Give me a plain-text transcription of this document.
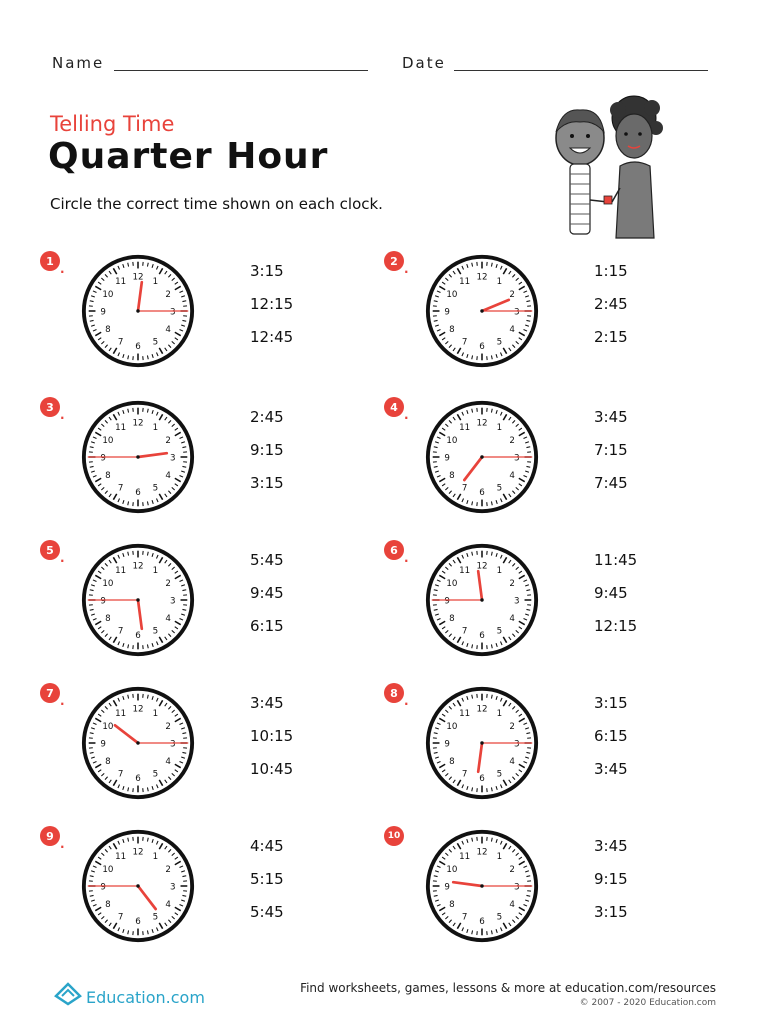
Name	Date
Telling Time
Quarter Hour
Circle the correct time shown on each clock.
1
.
1
2
3
4
5
6
7
8
9
10
11 12	3:15
12:15
12:45
2
.
1
2
3
4
5
6
7
8
9
10
11 12	1:15
2:45
2:15
3
.
1
2
3
4
5
6
7
8
9
10
11 12	2:45
9:15
3:15
4
.
1
2
3
4
5
6
7
8
9
10
11 12	3:45
7:15
7:45
5
.
1
2
3
4
5
6
7
8
9
10
11 12	5:45
9:45
6:15
6
.
1
2
3
4
5
6
7
8
9
10
11 12	11:45
9:45
12:15
7
.
1
2
3
4
5
6
7
8
9
10
11 12	3:45
10:15
10:45
8
.
1
2
3
4
5
6
7
8
9
10
11 12	3:15
6:15
3:45
9
.
1
2
3
4
5
6
7
8
9
10
11 12	4:45
5:15
5:45
10
1
2
3
4
5
6
7
8
9
10
11 12	3:45
9:15
3:15
Education.com	Find worksheets, games, lessons & more at education.com/resources
© 2007 - 2020 Education.com
